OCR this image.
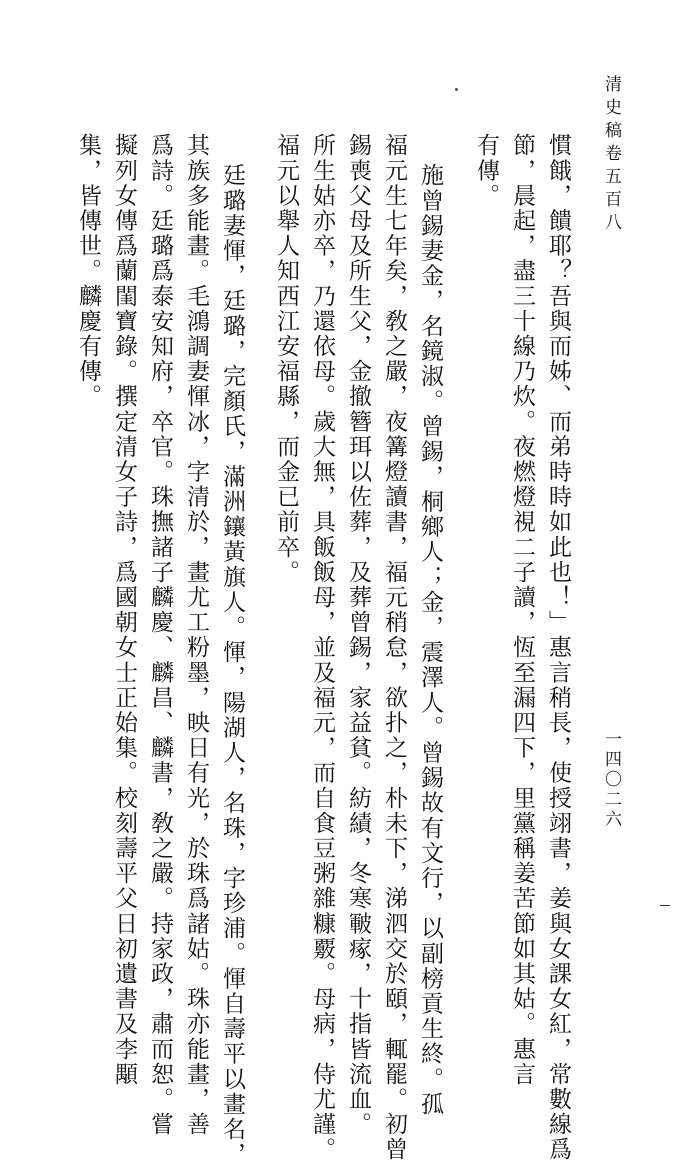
清史稿卷五百八
一四〇二六
慣餓，饋耶？吾與而姊、而弟時時如此也！」惠言稍長，使授翊書，姜與女課女紅，常數線爲
節，晨起，盡三十線乃炊。夜燃燈視二子讀，恆至漏四下，里黨稱姜苦節如其姑。惠言
有傳。
施曾錫妻金，名鏡淑。曾錫，桐鄉人；金，震澤人。曾錫故有文行，以副榜貢生終。孤
福元生七年矣，敎之嚴，夜篝燈讀書，福元稍怠，欲扑之，朴未下，涕泗交於頤，輒罷。初曾
錫喪父母及所生父，金撤簪珥以佐葬，及葬曾錫，家益貧。紡績，冬寒皸瘃，十指皆流血。
所生姑亦卒，乃還依母。歲大無，具飯飯母，並及福元，而自食豆粥雜糠覈。母病，侍尤謹。
福元以舉人知西江安福縣，而金已前卒。
廷璐妻惲，廷璐，完顏氏，滿洲鑲黃旗人。惲，陽湖人，名珠，字珍浦。惲自壽平以畫名，
其族多能畫。毛鴻調妻惲冰，字清於，畫尤工粉墨，映日有光，於珠爲諸姑。珠亦能畫，善
爲詩。廷璐爲泰安知府，卒官。珠撫諸子麟慶、麟昌、麟書，敎之嚴。持家政，肅而恕。嘗
擬列女傳爲蘭閨寶錄。撰定清女子詩，爲國朝女士正始集。校刻壽平父日初遺書及李顒
集，皆傳世。麟慶有傳。
